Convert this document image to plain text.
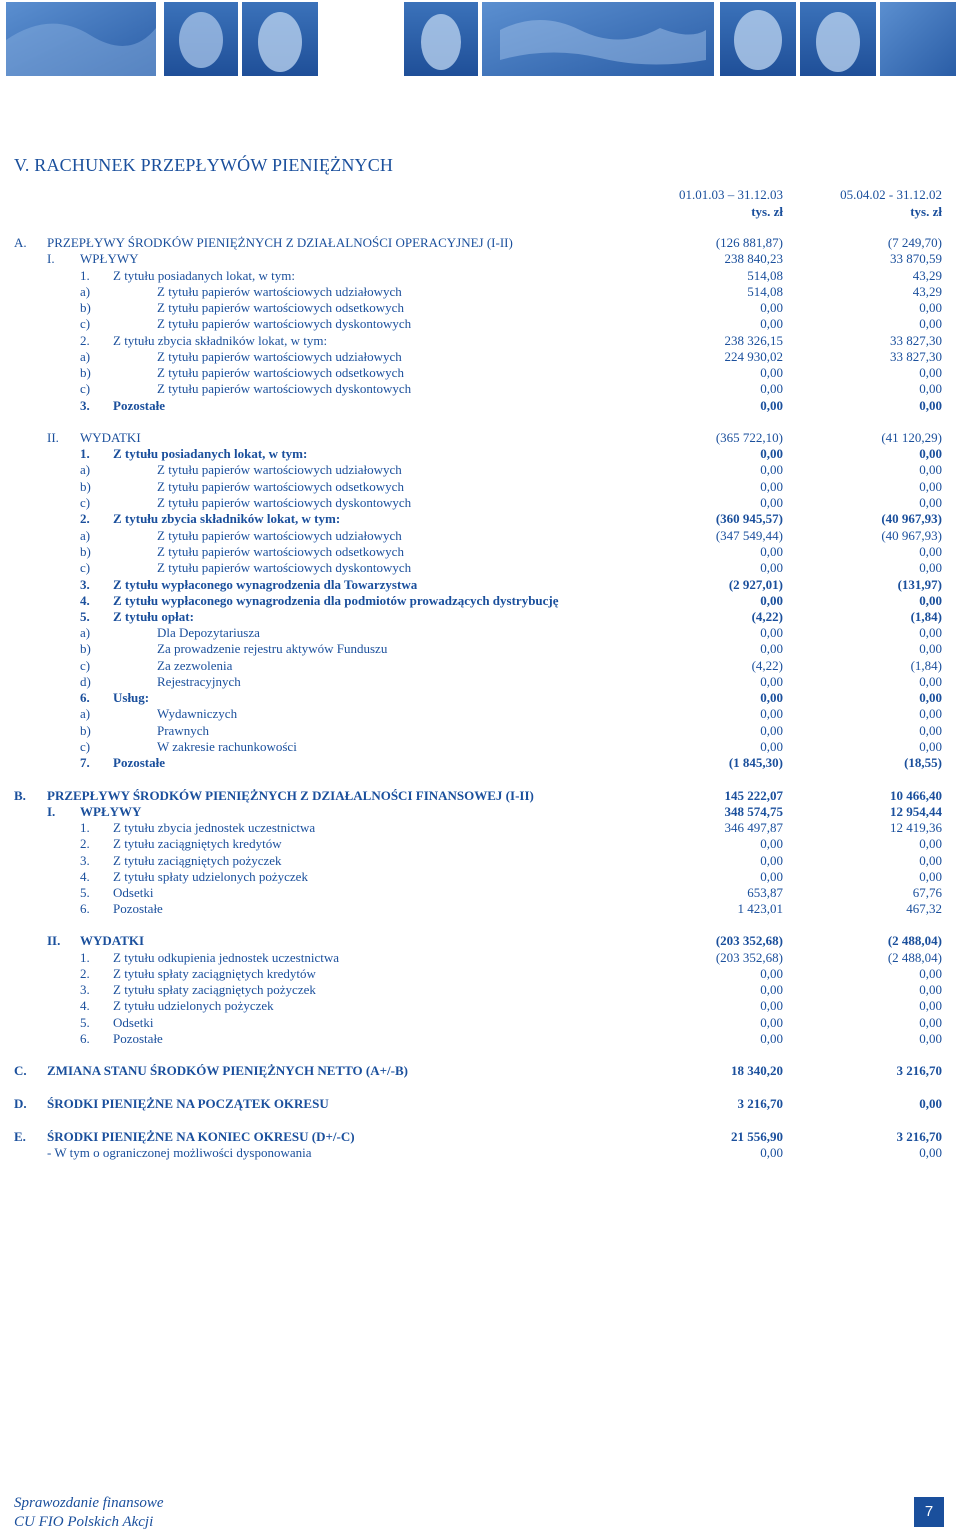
V. RACHUNEK PRZEPŁYWÓW PIENIĘŻNYCH
01.01.03 – 31.12.03
tys. zł
05.04.02 - 31.12.02
tys. zł
A. PRZEPŁYWY ŚRODKÓW PIENIĘŻNYCH Z DZIAŁALNOŚCI OPERACYJNEJ (I-II)	(126 881,87)	(7 249,70)
I. WPŁYWY	238 840,23	33 870,59
1. Z tytułu posiadanych lokat, w tym:	514,08	43,29
a)	Z tytułu papierów wartościowych udziałowych	514,08	43,29
b)	Z tytułu papierów wartościowych odsetkowych	0,00	0,00
c)	Z tytułu papierów wartościowych dyskontowych	0,00	0,00
2. Z tytułu zbycia składników lokat, w tym:	238 326,15	33 827,30
a)	Z tytułu papierów wartościowych udziałowych	224 930,02	33 827,30
b)	Z tytułu papierów wartościowych odsetkowych	0,00	0,00
c)	Z tytułu papierów wartościowych dyskontowych	0,00	0,00
3. Pozostałe	0,00	0,00
II. WYDATKI	(365 722,10)	(41 120,29)
1. Z tytułu posiadanych lokat, w tym:	0,00	0,00
a)	Z tytułu papierów wartościowych udziałowych	0,00	0,00
b)	Z tytułu papierów wartościowych odsetkowych	0,00	0,00
c)	Z tytułu papierów wartościowych dyskontowych	0,00	0,00
2. Z tytułu zbycia składników lokat, w tym:	(360 945,57)	(40 967,93)
a)	Z tytułu papierów wartościowych udziałowych	(347 549,44)	(40 967,93)
b)	Z tytułu papierów wartościowych odsetkowych	0,00	0,00
c)	Z tytułu papierów wartościowych dyskontowych	0,00	0,00
3. Z tytułu wypłaconego wynagrodzenia dla Towarzystwa	(2 927,01)	(131,97)
4. Z tytułu wypłaconego wynagrodzenia dla podmiotów prowadzących dystrybucję	0,00	0,00
5. Z tytułu opłat:	(4,22)	(1,84)
a)	Dla Depozytariusza	0,00	0,00
b)	Za prowadzenie rejestru aktywów Funduszu	0,00	0,00
c)	Za zezwolenia	(4,22)	(1,84)
d)	Rejestracyjnych	0,00	0,00
6. Usług:	0,00	0,00
a)	Wydawniczych	0,00	0,00
b)	Prawnych	0,00	0,00
c)	W zakresie rachunkowości	0,00	0,00
7. Pozostałe	(1 845,30)	(18,55)
B. PRZEPŁYWY ŚRODKÓW PIENIĘŻNYCH Z DZIAŁALNOŚCI FINANSOWEJ (I-II)	145 222,07	10 466,40
I. WPŁYWY	348 574,75	12 954,44
1. Z tytułu zbycia jednostek uczestnictwa	346 497,87	12 419,36
2. Z tytułu zaciągniętych kredytów	0,00	0,00
3. Z tytułu zaciągniętych pożyczek	0,00	0,00
4. Z tytułu spłaty udzielonych pożyczek	0,00	0,00
5. Odsetki	653,87	67,76
6. Pozostałe	1 423,01	467,32
II. WYDATKI	(203 352,68)	(2 488,04)
1. Z tytułu odkupienia jednostek uczestnictwa	(203 352,68)	(2 488,04)
2. Z tytułu spłaty zaciągniętych kredytów	0,00	0,00
3. Z tytułu spłaty zaciągniętych pożyczek	0,00	0,00
4. Z tytułu udzielonych pożyczek	0,00	0,00
5. Odsetki	0,00	0,00
6. Pozostałe	0,00	0,00
C. ZMIANA STANU ŚRODKÓW PIENIĘŻNYCH NETTO (A+/-B)	18 340,20	3 216,70
D. ŚRODKI PIENIĘŻNE NA POCZĄTEK OKRESU	3 216,70	0,00
E. ŚRODKI PIENIĘŻNE NA KONIEC OKRESU (D+/-C)	21 556,90	3 216,70
- W tym o ograniczonej możliwości dysponowania	0,00	0,00
Sprawozdanie finansowe
CU FIO Polskich Akcji
7
